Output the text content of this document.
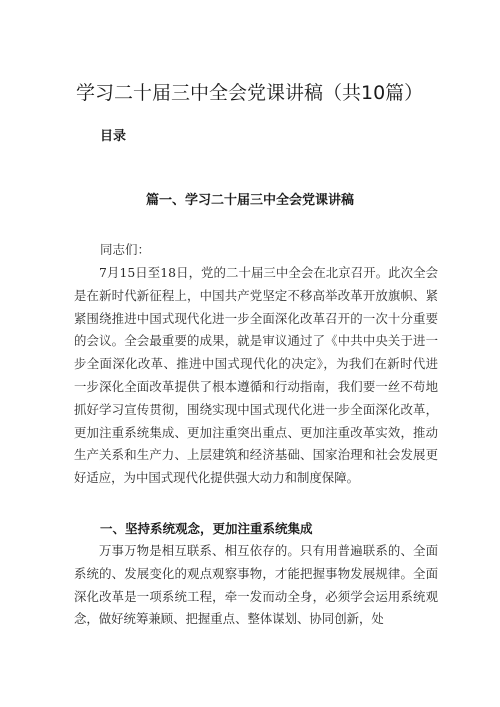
学习二十届三中全会党课讲稿（共10篇）
目录
篇一、学习二十届三中全会党课讲稿
同志们：

7月15日至18日，党的二十届三中全会在北京召开。此次全会是在新时代新征程上，中国共产党坚定不移高举改革开放旗帜、紧紧围绕推进中国式现代化进一步全面深化改革召开的一次十分重要的会议。全会最重要的成果，就是审议通过了《中共中央关于进一步全面深化改革、推进中国式现代化的决定》，为我们在新时代进一步深化全面改革提供了根本遵循和行动指南，我们要一丝不苟地抓好学习宣传贯彻，围绕实现中国式现代化进一步全面深化改革，更加注重系统集成、更加注重突出重点、更加注重改革实效，推动生产关系和生产力、上层建筑和经济基础、国家治理和社会发展更好适应，为中国式现代化提供强大动力和制度保障。

一、坚持系统观念，更加注重系统集成

万事万物是相互联系、相互依存的。只有用普遍联系的、全面系统的、发展变化的观点观察事物，才能把握事物发展规律。全面深化改革是一项系统工程，牵一发而动全身，必须学会运用系统观念，做好统筹兼顾、把握重点、整体谋划、协同创新，处
